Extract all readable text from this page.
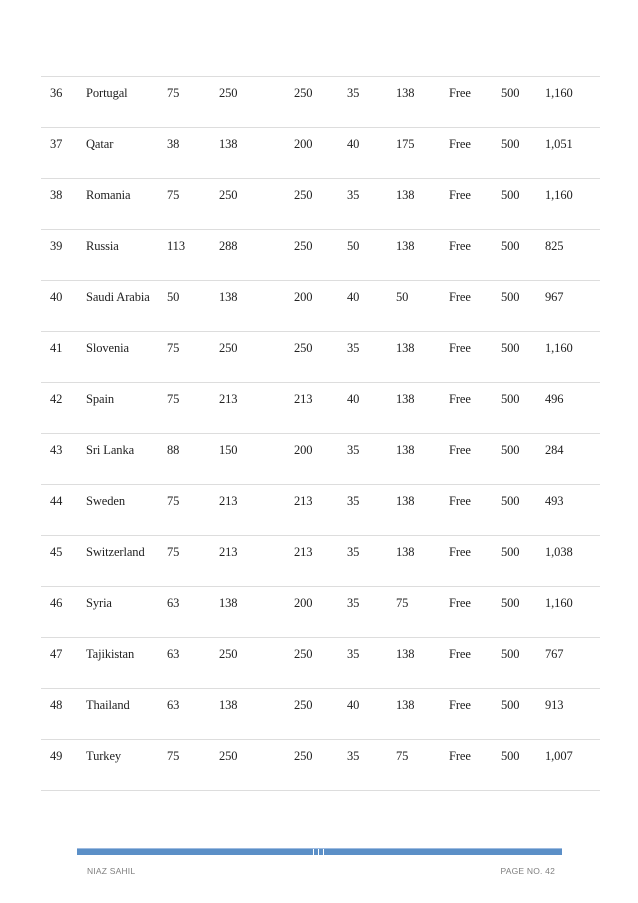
36 Portugal	75	250	250	35	138	Free 500 1,160
37 Qatar	38	138	200	40	175	Free 500 1,051
38 Romania	75	250	250	35	138	Free 500 1,160
39 Russia	113	288	250	50	138	Free 500 825
40 Saudi Arabia 50	138	200	40	50	Free 500 967
41 Slovenia	75	250	250	35	138	Free 500 1,160
42 Spain	75	213	213	40	138	Free 500 496
43 Sri Lanka	88	150	200	35	138	Free 500 284
44 Sweden	75	213	213	35	138	Free 500 493
45 Switzerland 75	213	213	35	138	Free 500 1,038
46 Syria	63	138	200	35	75	Free 500 1,160
47 Tajikistan	63	250	250	35	138	Free 500 767
48 Thailand	63	138	250	40	138	Free 500 913
49 Turkey	75	250	250	35	75	Free 500 1,007
NIAZ SAHIL	PAGE NO. 42
